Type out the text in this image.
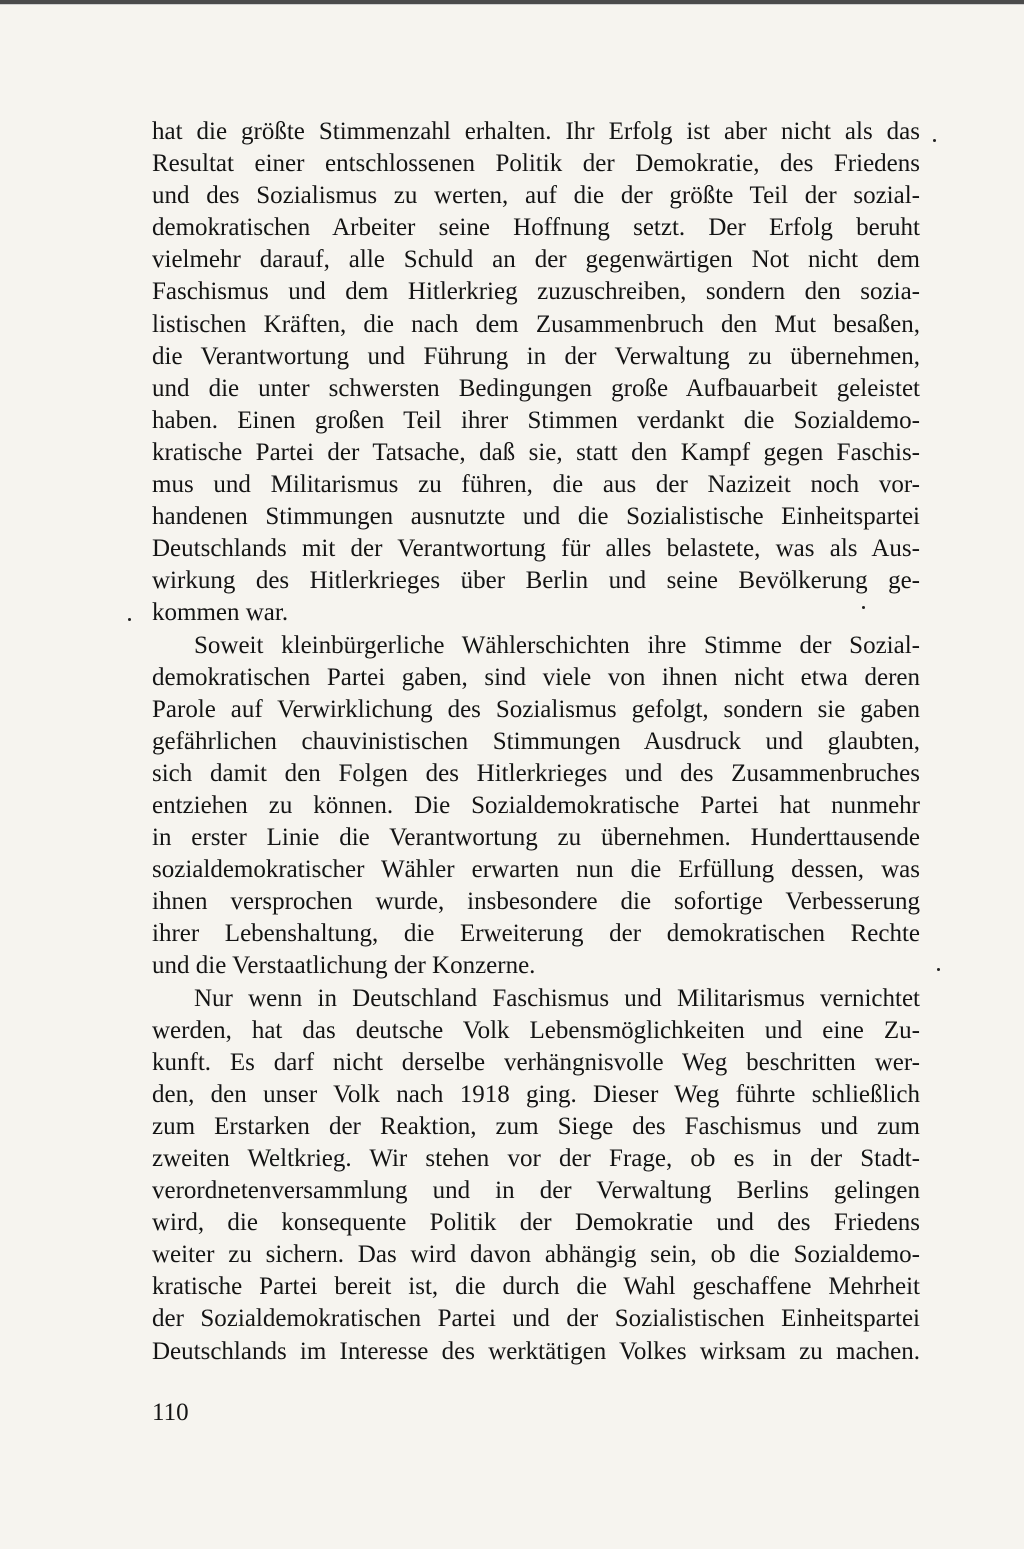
hat die größte Stimmenzahl erhalten. Ihr Erfolg ist aber nicht als das
Resultat einer entschlossenen Politik der Demokratie, des Friedens
und des Sozialismus zu werten, auf die der größte Teil der sozial-
demokratischen Arbeiter seine Hoffnung setzt. Der Erfolg beruht
vielmehr darauf, alle Schuld an der gegenwärtigen Not nicht dem
Faschismus und dem Hitlerkrieg zuzuschreiben, sondern den sozia-
listischen Kräften, die nach dem Zusammenbruch den Mut besaßen,
die Verantwortung und Führung in der Verwaltung zu übernehmen,
und die unter schwersten Bedingungen große Aufbauarbeit geleistet
haben. Einen großen Teil ihrer Stimmen verdankt die Sozialdemo-
kratische Partei der Tatsache, daß sie, statt den Kampf gegen Faschis-
mus und Militarismus zu führen, die aus der Nazizeit noch vor-
handenen Stimmungen ausnutzte und die Sozialistische Einheitspartei
Deutschlands mit der Verantwortung für alles belastete, was als Aus-
wirkung des Hitlerkrieges über Berlin und seine Bevölkerung ge-
kommen war.
Soweit kleinbürgerliche Wählerschichten ihre Stimme der Sozial-
demokratischen Partei gaben, sind viele von ihnen nicht etwa deren
Parole auf Verwirklichung des Sozialismus gefolgt, sondern sie gaben
gefährlichen chauvinistischen Stimmungen Ausdruck und glaubten,
sich damit den Folgen des Hitlerkrieges und des Zusammenbruches
entziehen zu können. Die Sozialdemokratische Partei hat nunmehr
in erster Linie die Verantwortung zu übernehmen. Hunderttausende
sozialdemokratischer Wähler erwarten nun die Erfüllung dessen, was
ihnen versprochen wurde, insbesondere die sofortige Verbesserung
ihrer Lebenshaltung, die Erweiterung der demokratischen Rechte
und die Verstaatlichung der Konzerne.
Nur wenn in Deutschland Faschismus und Militarismus vernichtet
werden, hat das deutsche Volk Lebensmöglichkeiten und eine Zu-
kunft. Es darf nicht derselbe verhängnisvolle Weg beschritten wer-
den, den unser Volk nach 1918 ging. Dieser Weg führte schließlich
zum Erstarken der Reaktion, zum Siege des Faschismus und zum
zweiten Weltkrieg. Wir stehen vor der Frage, ob es in der Stadt-
verordnetenversammlung und in der Verwaltung Berlins gelingen
wird, die konsequente Politik der Demokratie und des Friedens
weiter zu sichern. Das wird davon abhängig sein, ob die Sozialdemo-
kratische Partei bereit ist, die durch die Wahl geschaffene Mehrheit
der Sozialdemokratischen Partei und der Sozialistischen Einheitspartei
Deutschlands im Interesse des werktätigen Volkes wirksam zu machen.
110
